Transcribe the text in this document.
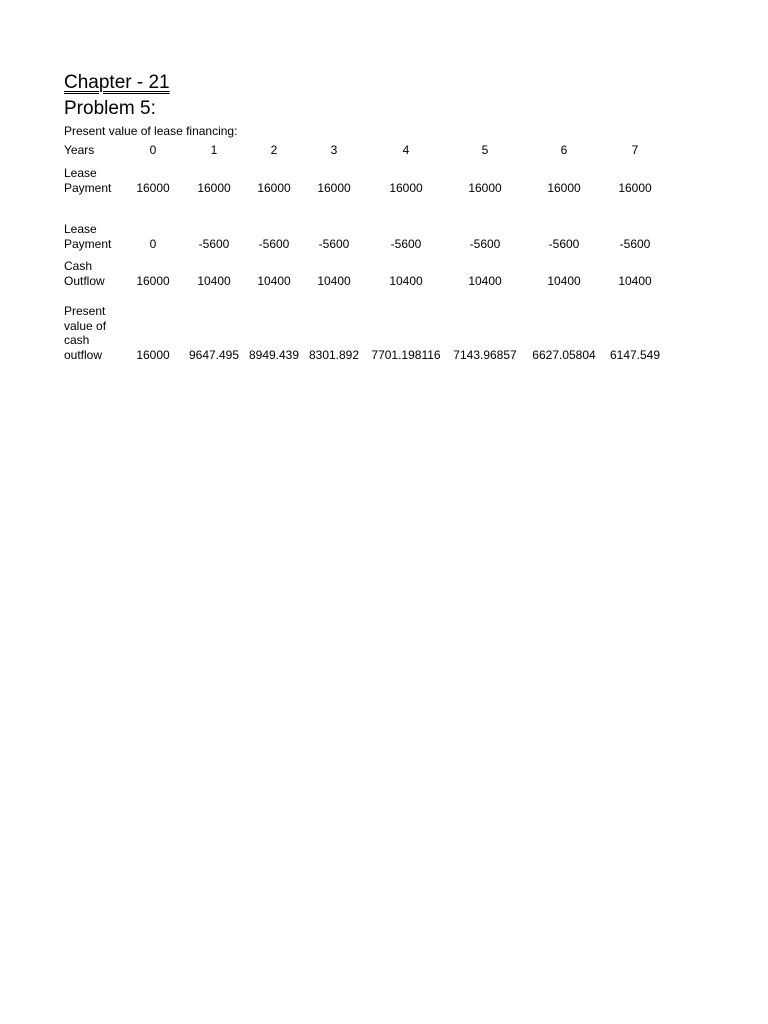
Chapter - 21
Problem 5:
Present value of lease financing:
Years	0	1	2	3	4	5	6	7
Lease
Payment 16000 16000 16000 16000	16000	16000	16000	16000
Lease
Payment	0	-5600 -5600 -5600	-5600	-5600	-5600	-5600
Cash
Outflow	16000 10400 10400 10400	10400	10400	10400	10400
Present
value of
cash
outflow	16000 9647.495 8949.439 8301.892 7701.198116 7143.96857 6627.05804 6147.549
